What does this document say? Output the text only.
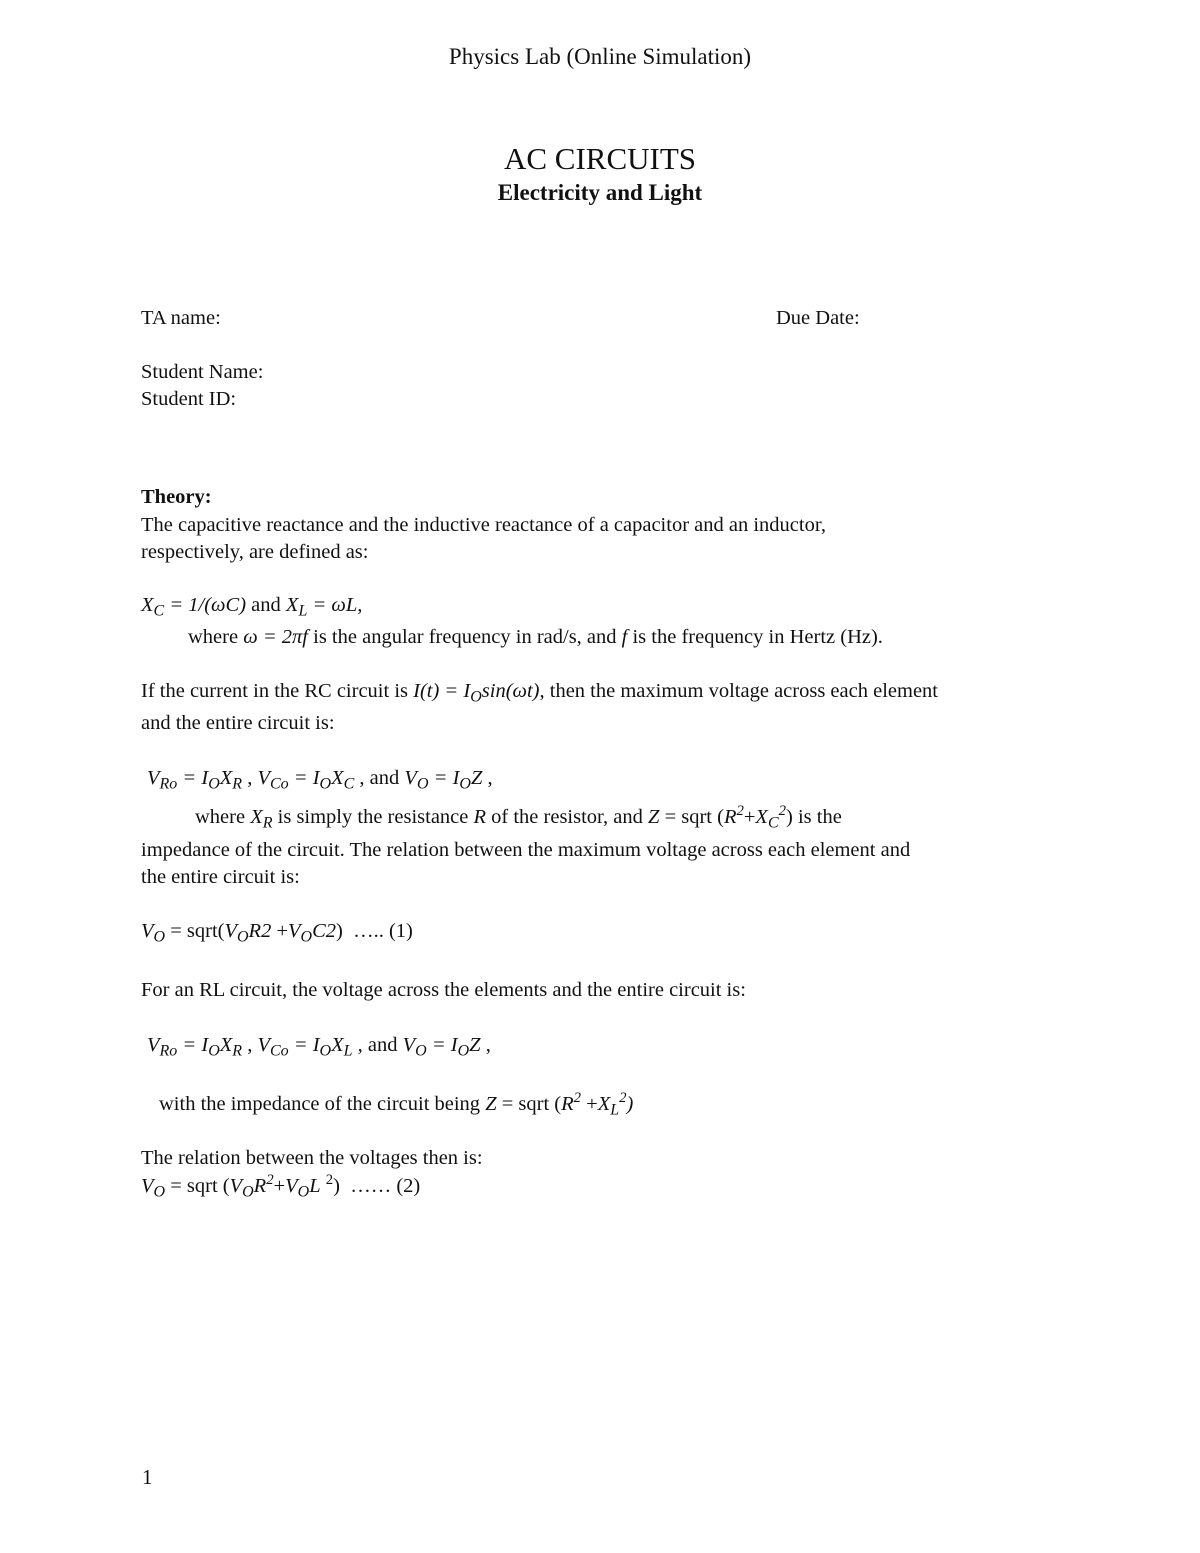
Physics Lab (Online Simulation)
AC CIRCUITS
Electricity and Light
TA name:	Due Date:
Student Name:
Student ID:
Theory:
The capacitive reactance and the inductive reactance of a capacitor and an inductor,
respectively, are defined as:
$X_C = 1/(\omega C)$ and $X_L = \omega L$,
where ω = 2πf is the angular frequency in rad/s, and f is the frequency in Hertz (Hz).
If the current in the RC circuit is $I(t) = I_O\sin(\omega t)$, then the maximum voltage across each element
and the entire circuit is:
$V_{Ro} = I_OX_R$ , $V_{Co} = I_OX_C$ , and $V_O = I_OZ$ ,
where $X_R$ is simply the resistance R of the resistor, and Z = sqrt $(R^2+X_C^2)$ is the
impedance of the circuit. The relation between the maximum voltage across each element and
the entire circuit is:
$V_O$ = $sqrt(V_OR2 +V_OC2)$  ….. (1)
For an RL circuit, the voltage across the elements and the entire circuit is:
$V_{Ro} = I_OX_R$ , $V_{Co} = I_OX_L$ , and $V_O = I_OZ$ ,
with the impedance of the circuit being Z = sqrt $(R^2 +X_L^2)$
The relation between the voltages then is:
$V_O$ = sqrt ($V_OR^2+V_OL$ $^2$)  …… (2)
1
